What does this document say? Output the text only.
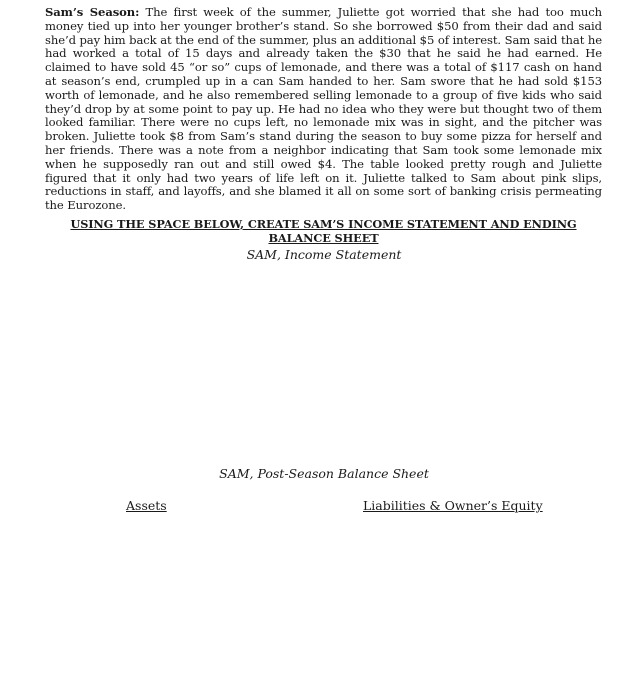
Sam’s Season: The first week of the summer, Juliette got worried that she had too much money tied up into her younger brother’s stand. So she borrowed $50 from their dad and said she’d pay him back at the end of the summer, plus an additional $5 of interest. Sam said that he had worked a total of 15 days and already taken the $30 that he said he had earned. He claimed to have sold 45 “or so” cups of lemonade, and there was a total of $117 cash on hand at season’s end, crumpled up in a can Sam handed to her. Sam swore that he had sold $153 worth of lemonade, and he also remembered selling lemonade to a group of five kids who said they’d drop by at some point to pay up. He had no idea who they were but thought two of them looked familiar. There were no cups left, no lemonade mix was in sight, and the pitcher was broken. Juliette took $8 from Sam’s stand during the season to buy some pizza for herself and her friends. There was a note from a neighbor indicating that Sam took some lemonade mix when he supposedly ran out and still owed $4. The table looked pretty rough and Juliette figured that it only had two years of life left on it. Juliette talked to Sam about pink slips, reductions in staff, and layoffs, and she blamed it all on some sort of banking crisis permeating the Eurozone.

USING THE SPACE BELOW, CREATE SAM’S INCOME STATEMENT AND ENDING BALANCE SHEET

SAM, Income Statement

SAM, Post-Season Balance Sheet

Assets	Liabilities & Owner’s Equity
